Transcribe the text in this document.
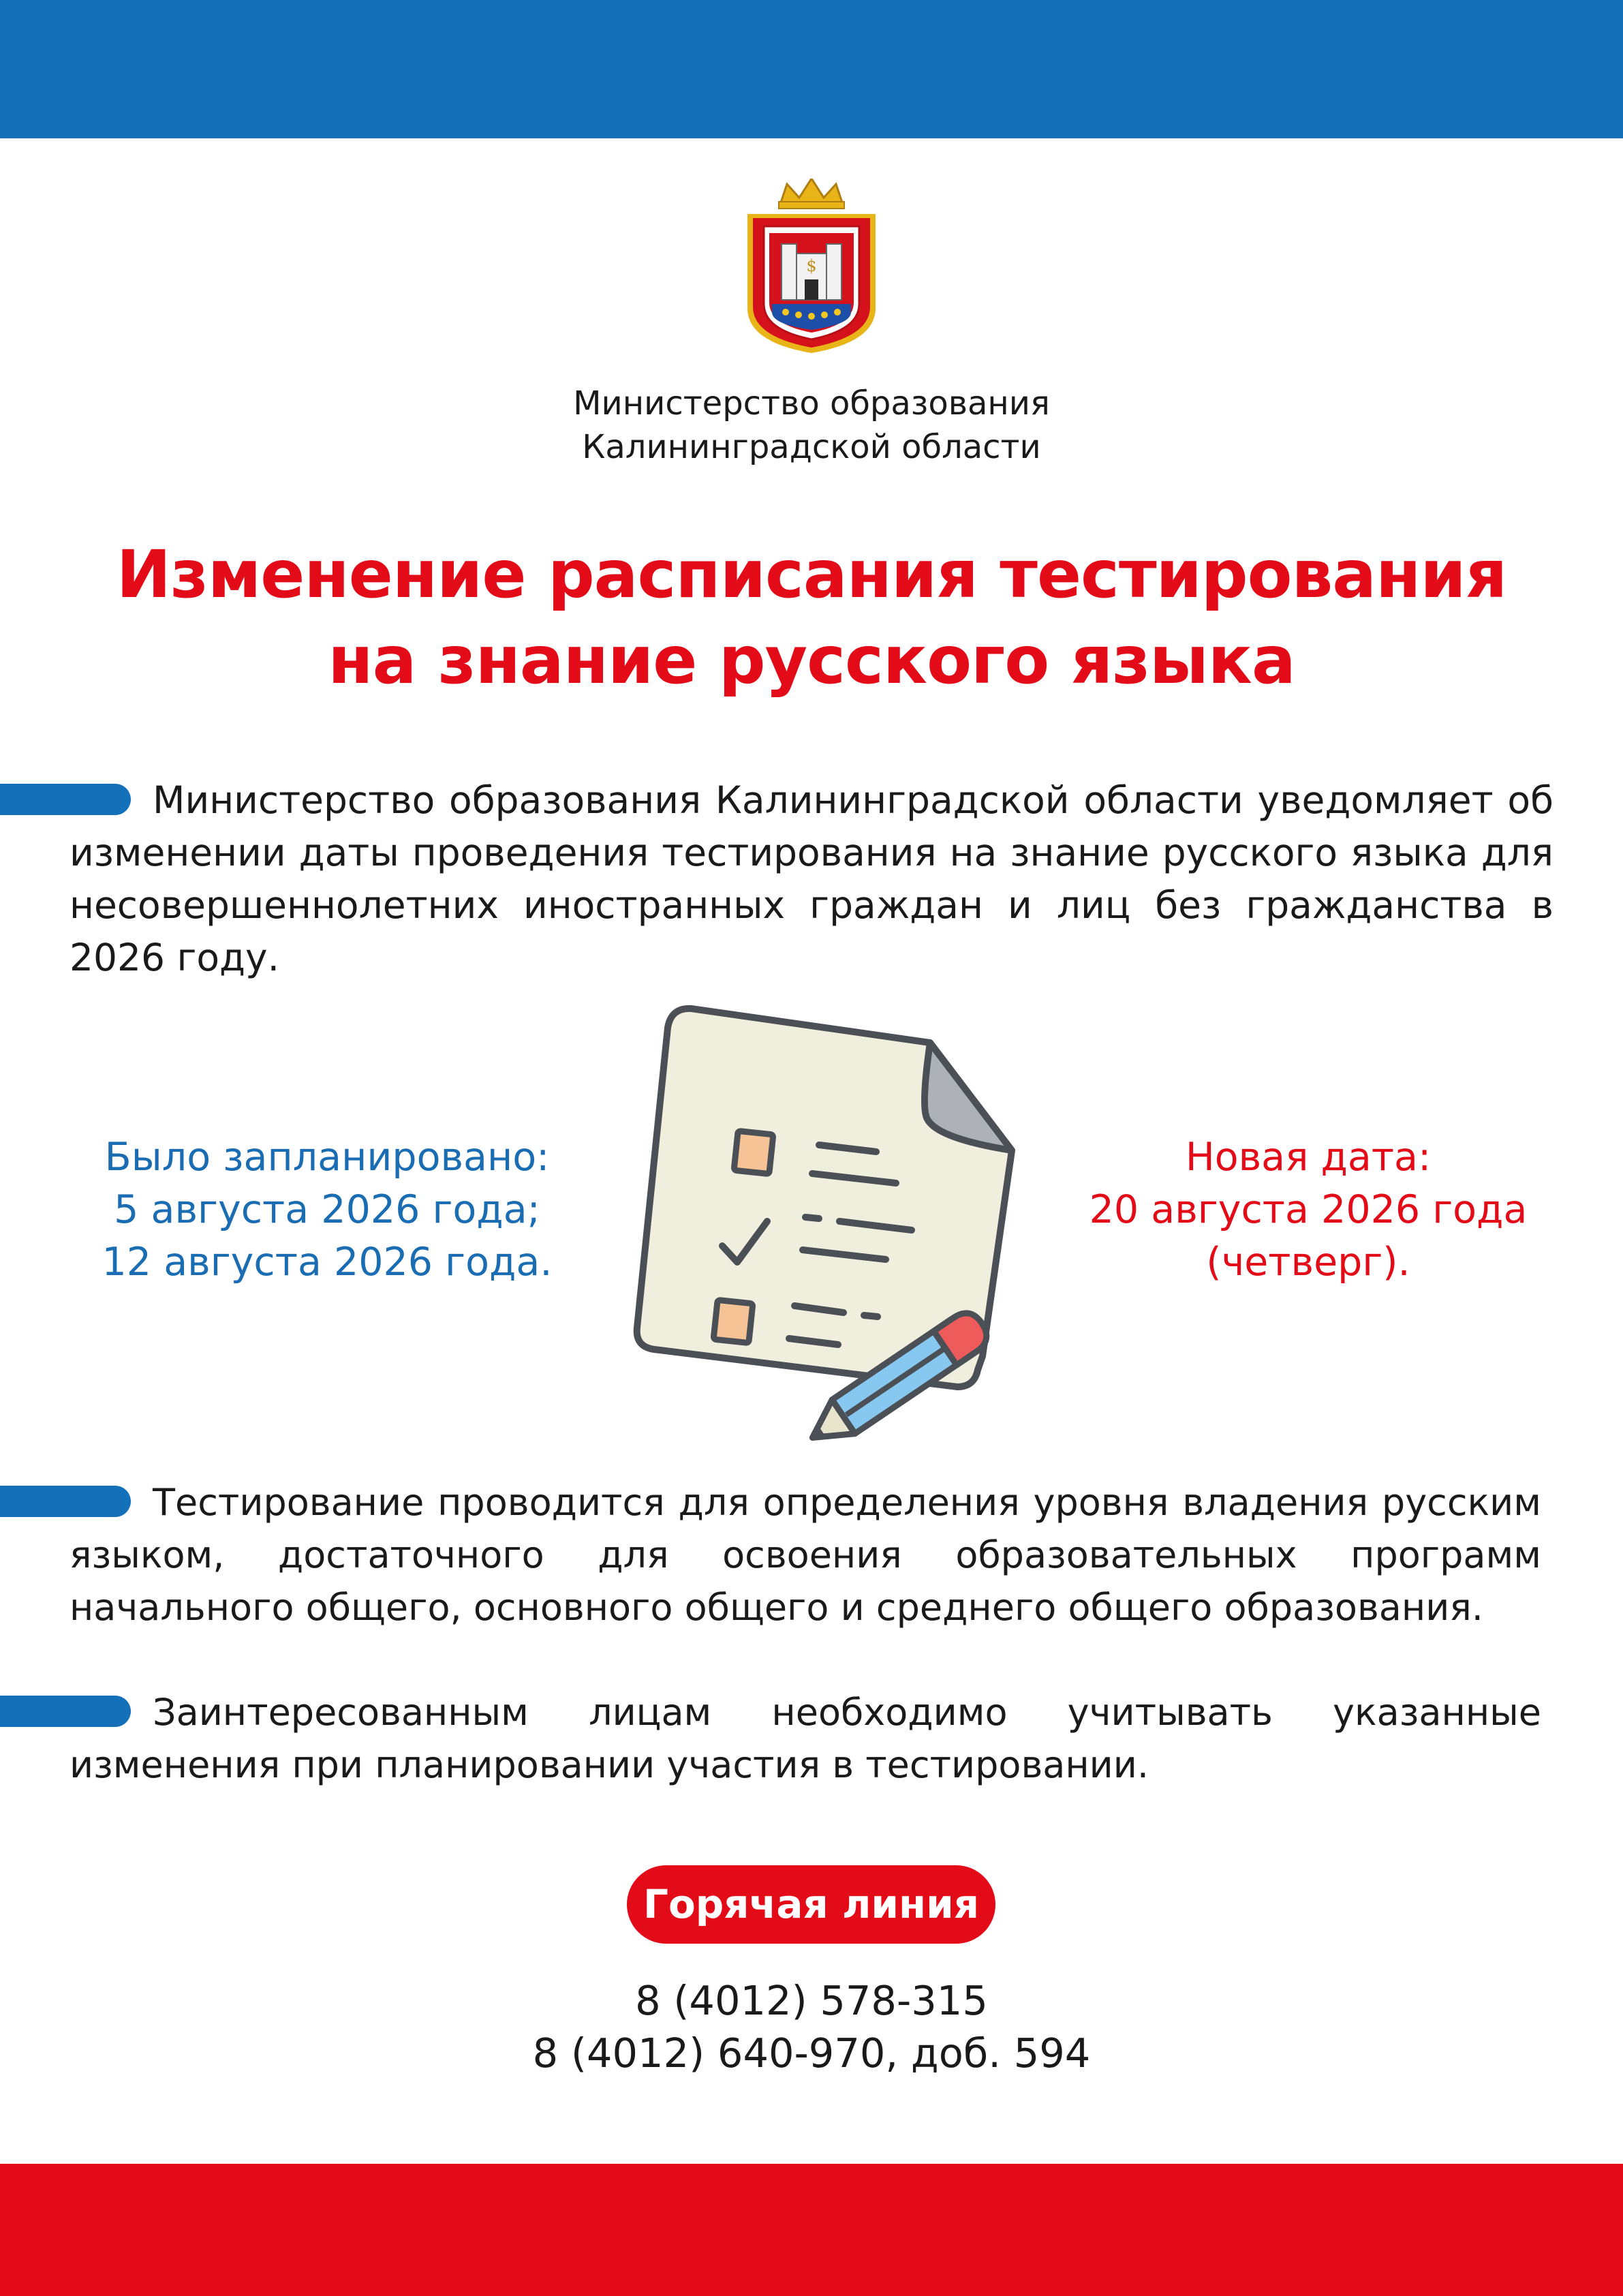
$
Министерство образования
Калининградской области
Изменение расписания тестирования
на знание русского языка
Министерство образования Калининградской области уведомляет об изменении даты проведения тестирования на знание русского языка для несовершеннолетних иностранных граждан и лиц без гражданства в 2026 году.
Было запланировано:
5 августа 2026 года;
12 августа 2026 года.
Новая дата:
20 августа 2026 года
(четверг).
Тестирование проводится для определения уровня владения русским языком, достаточного для освоения образовательных программ начального общего, основного общего и среднего общего образования.
Заинтересованным лицам необходимо учитывать указанные изменения при планировании участия в тестировании.
Горячая линия
8 (4012) 578-315
8 (4012) 640-970, доб. 594
